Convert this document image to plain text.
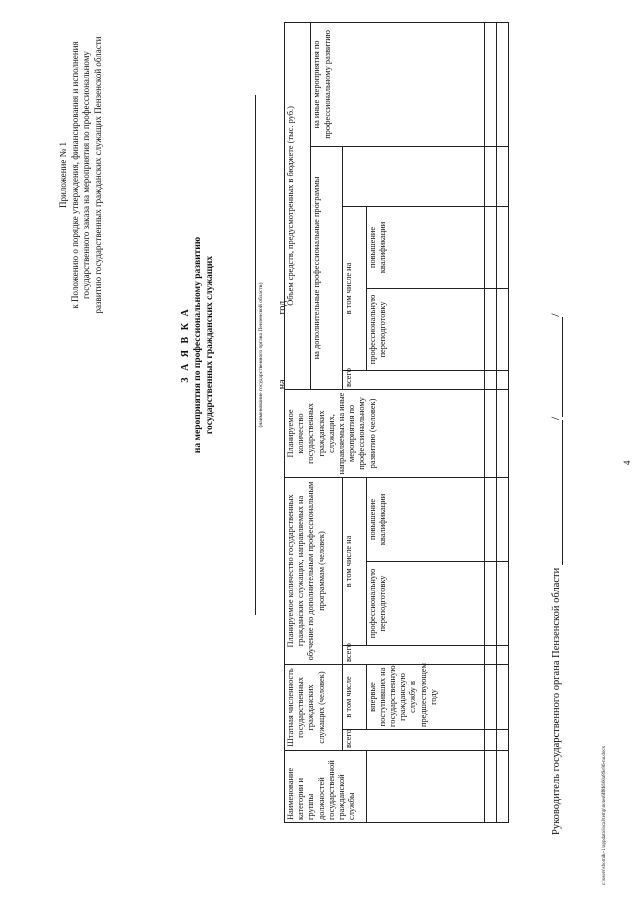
4
Приложение № 1 к Положению о порядке утверждения, финансирования и исполнения государственного заказа на мероприятия по профессиональному развитию государственных гражданских служащих Пензенской области
З А Я В К А на мероприятия по профессиональному развитию государственных гражданских служащих	(наименование государственного органа Пензенской области) на  год
Наименование категории и группы должностей государственной гражданской службы	Штатная численность государственных гражданских служащих (человек)		Планируемое количество государственных гражданских служащих, направляемых на обучение по дополнительным профессиональным программам (человек)			Планируемое количество государственных гражданских служащих, направляемых на иные мероприятия по профессиональному развитию (человек)	Объем средств, предусмотренных в бюджете (тыс. руб.)				
							на дополнительные профессиональные программы				на иные мероприятия по профессиональному развитию
	всего	в том числе	всего	в том числе на			всего	в том числе на			
		впервые поступивших на государственную гражданскую службу в предшествующем году		профессиональную переподготовку	повышение квалификации			профессиональную переподготовку	повышение квалификации		

Руководитель государственного органа Пензенской области //
c:\users\sbornik~1\appdata\local\temp\notes6ff8fd\60a89e96-nu.docx
